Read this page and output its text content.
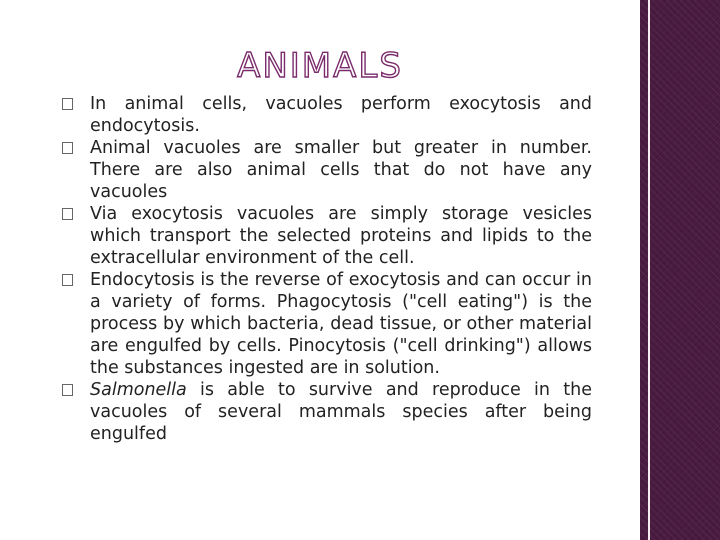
ANIMALS
In animal cells, vacuoles perform exocytosis and endocytosis.
Animal vacuoles are smaller but greater in number. There are also animal cells that do not have any vacuoles
Via exocytosis vacuoles are simply storage vesicles which transport the selected proteins and lipids to the extracellular environment of the cell.
Endocytosis is the reverse of exocytosis and can occur in a variety of forms. Phagocytosis ("cell eating") is the process by which bacteria, dead tissue, or other material are engulfed by cells. Pinocytosis ("cell drinking") allows the substances ingested are in solution.
Salmonella is able to survive and reproduce in the vacuoles of several mammals species after being engulfed
